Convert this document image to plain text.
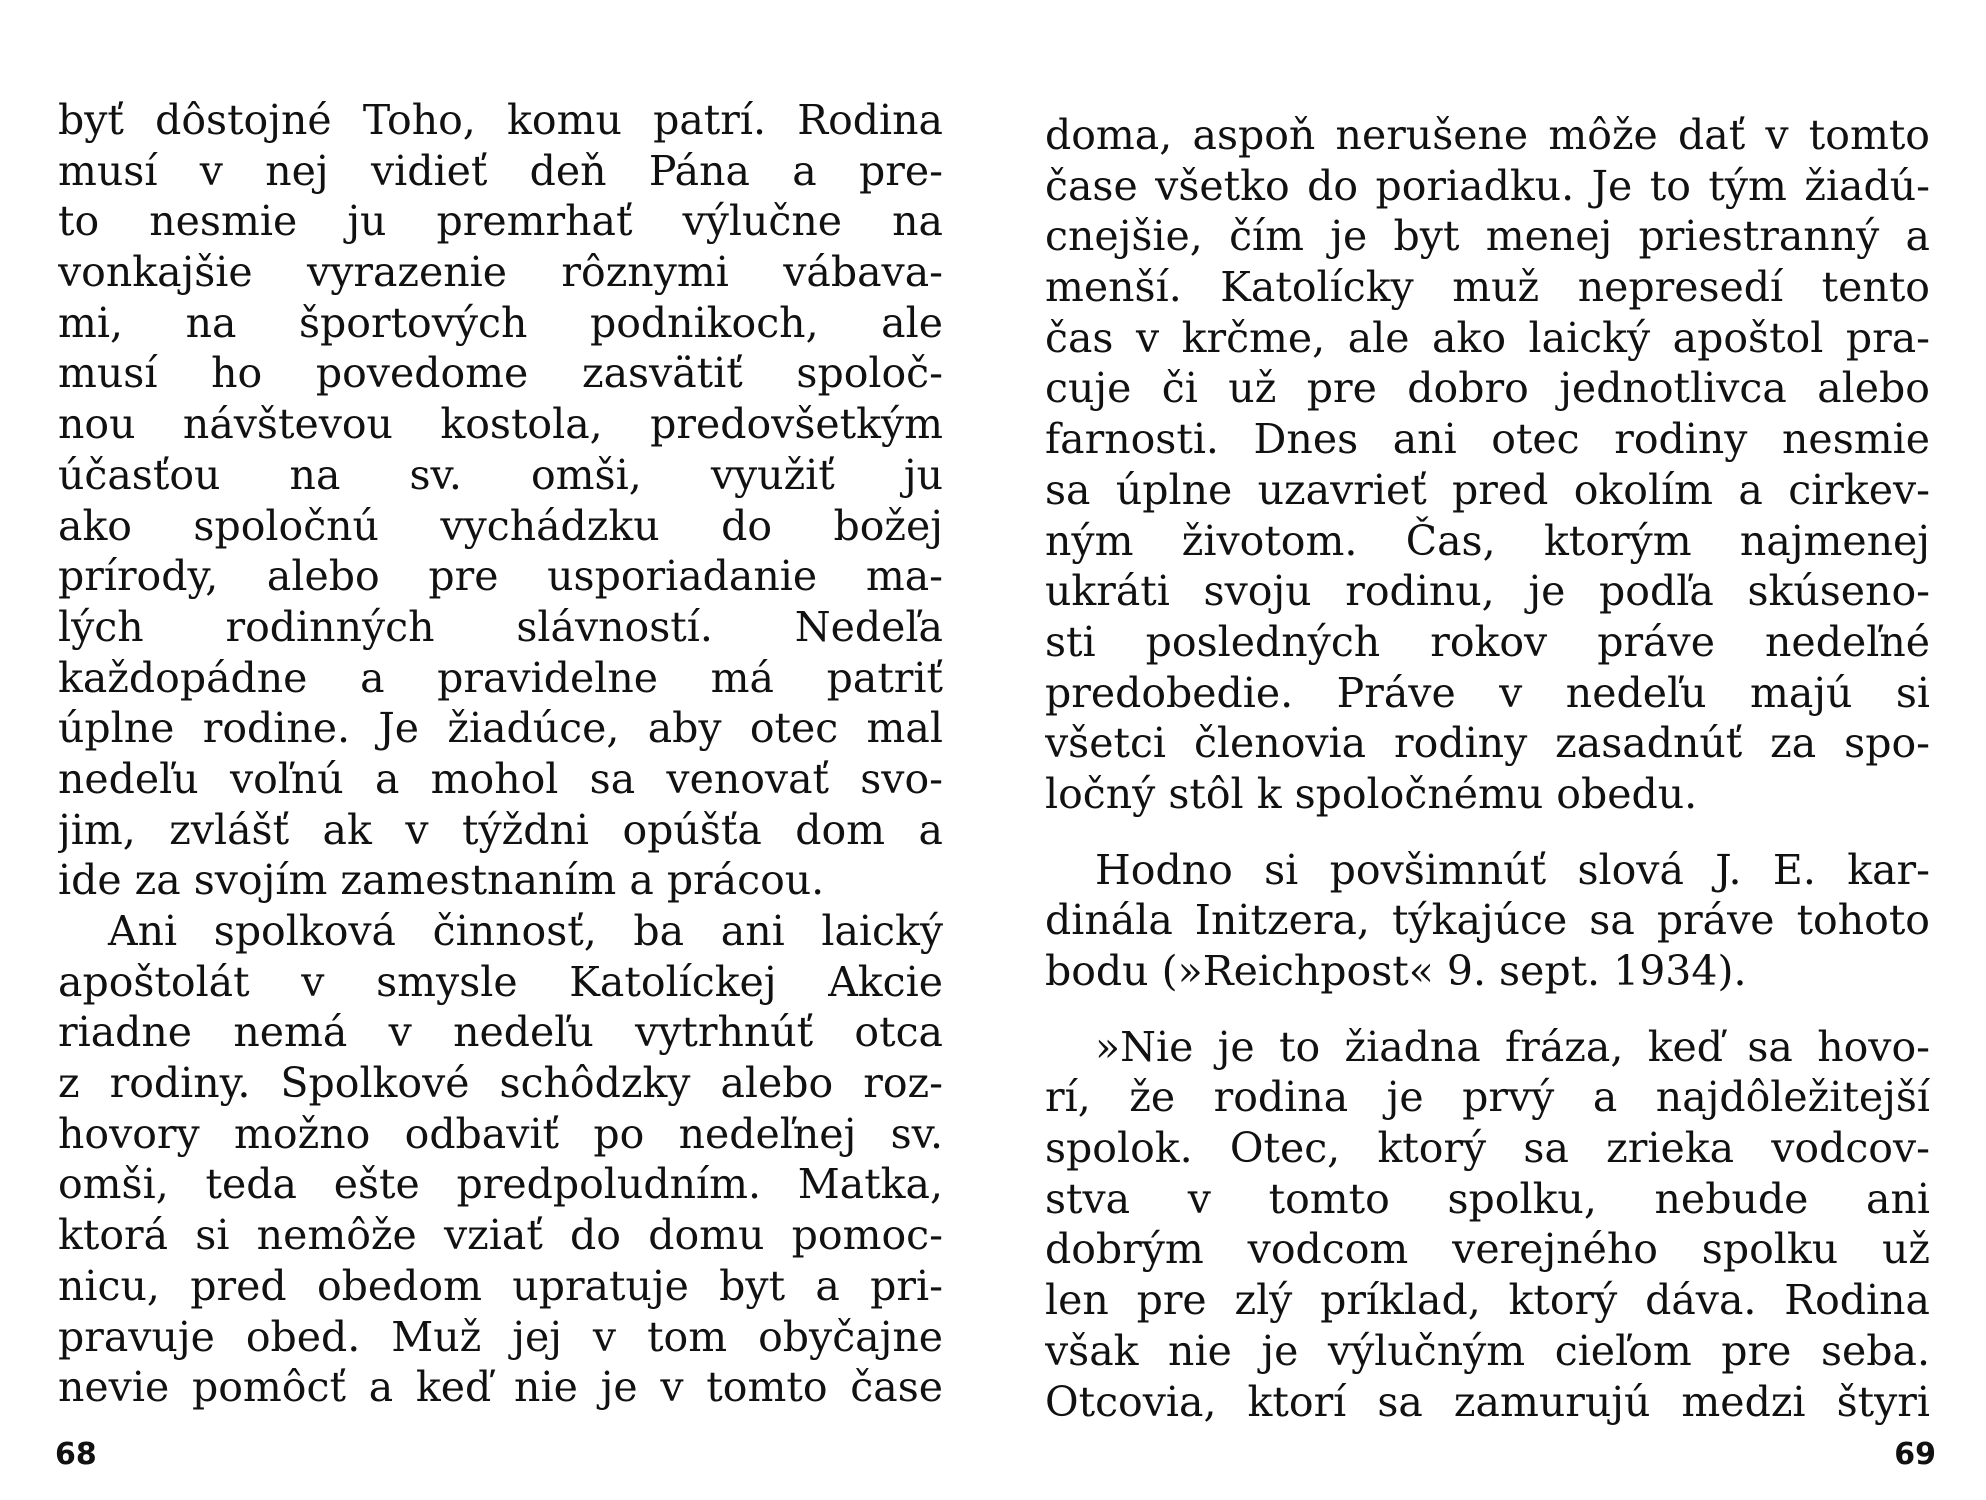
byť dôstojné Toho, komu patrí. Rodina
musí v nej vidieť deň Pána a pre-
to nesmie ju premrhať výlučne na
vonkajšie vyrazenie rôznymi vábava-
mi, na športových podnikoch, ale
musí ho povedome zasvätiť spoloč-
nou návštevou kostola, predovšetkým
účasťou na sv. omši, využiť ju
ako spoločnú vychádzku do božej
prírody, alebo pre usporiadanie ma-
lých rodinných slávností. Nedeľa
každopádne a pravidelne má patriť
úplne rodine. Je žiadúce, aby otec mal
nedeľu voľnú a mohol sa venovať svo-
jim, zvlášť ak v týždni opúšťa dom a
ide za svojím zamestnaním a prácou.
Ani spolková činnosť, ba ani laický
apoštolát v smysle Katolíckej Akcie
riadne nemá v nedeľu vytrhnúť otca
z rodiny. Spolkové schôdzky alebo roz-
hovory možno odbaviť po nedeľnej sv.
omši, teda ešte predpoludním. Matka,
ktorá si nemôže vziať do domu pomoc-
nicu, pred obedom upratuje byt a pri-
pravuje obed. Muž jej v tom obyčajne
nevie pomôcť a keď nie je v tomto čase
68
doma, aspoň nerušene môže dať v tomto
čase všetko do poriadku. Je to tým žiadú-
cnejšie, čím je byt menej priestranný a
menší. Katolícky muž nepresedí tento
čas v krčme, ale ako laický apoštol pra-
cuje či už pre dobro jednotlivca alebo
farnosti. Dnes ani otec rodiny nesmie
sa úplne uzavrieť pred okolím a cirkev-
ným životom. Čas, ktorým najmenej
ukráti svoju rodinu, je podľa skúseno-
sti posledných rokov práve nedeľné
predobedie. Práve v nedeľu majú si
všetci členovia rodiny zasadnúť za spo-
ločný stôl k spoločnému obedu.
Hodno si povšimnúť slová J. E. kar-
dinála Initzera, týkajúce sa práve tohoto
bodu (»Reichpost« 9. sept. 1934).
»Nie je to žiadna fráza, keď sa hovo-
rí, že rodina je prvý a najdôležitejší
spolok. Otec, ktorý sa zrieka vodcov-
stva v tomto spolku, nebude ani
dobrým vodcom verejného spolku už
len pre zlý príklad, ktorý dáva. Rodina
však nie je výlučným cieľom pre seba.
Otcovia, ktorí sa zamurujú medzi štyri
69
